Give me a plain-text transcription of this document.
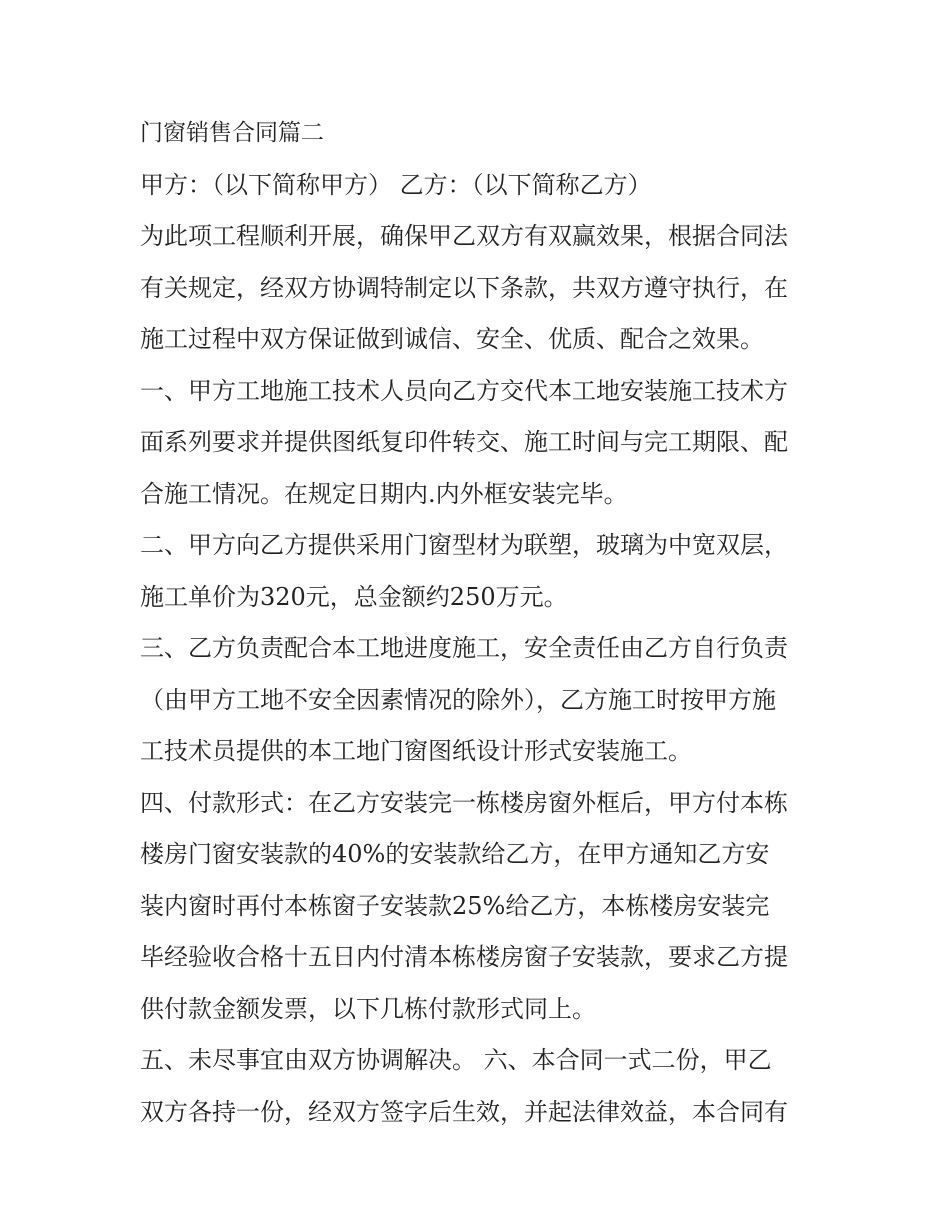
门窗销售合同篇二
甲方：（以下简称甲方） 乙方：（以下简称乙方）
为此项工程顺利开展，确保甲乙双方有双赢效果，根据合同法
有关规定，经双方协调特制定以下条款，共双方遵守执行，在
施工过程中双方保证做到诚信、安全、优质、配合之效果。
一、甲方工地施工技术人员向乙方交代本工地安装施工技术方
面系列要求并提供图纸复印件转交、施工时间与完工期限、配
合施工情况。在规定日期内.内外框安装完毕。
二、甲方向乙方提供采用门窗型材为联塑，玻璃为中宽双层，
施工单价为320元，总金额约250万元。
三、乙方负责配合本工地进度施工，安全责任由乙方自行负责
（由甲方工地不安全因素情况的除外），乙方施工时按甲方施
工技术员提供的本工地门窗图纸设计形式安装施工。
四、付款形式：在乙方安装完一栋楼房窗外框后，甲方付本栋
楼房门窗安装款的40%的安装款给乙方，在甲方通知乙方安
装内窗时再付本栋窗子安装款25%给乙方，本栋楼房安装完
毕经验收合格十五日内付清本栋楼房窗子安装款，要求乙方提
供付款金额发票，以下几栋付款形式同上。
五、未尽事宜由双方协调解决。 六、本合同一式二份，甲乙
双方各持一份，经双方签字后生效，并起法律效益，本合同有
